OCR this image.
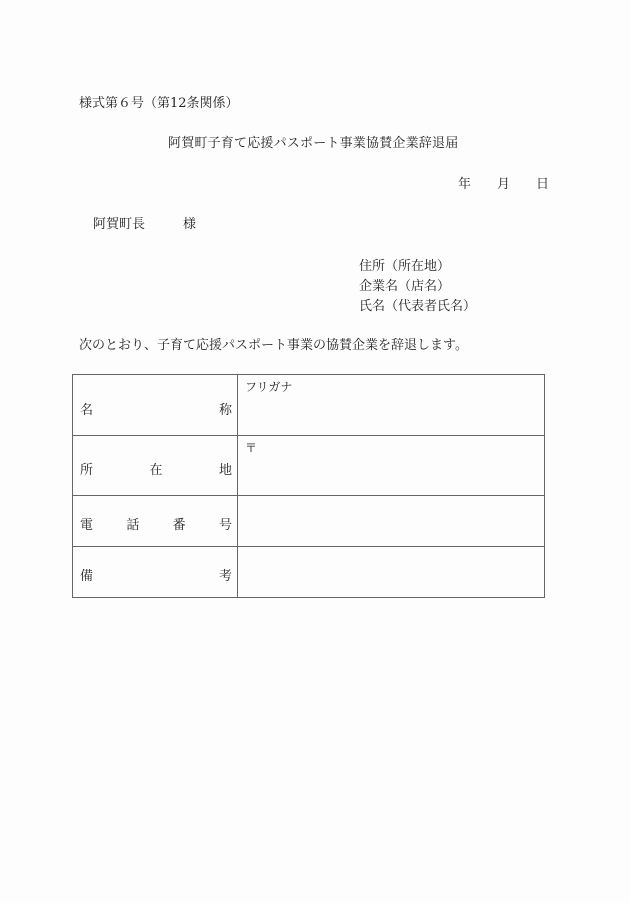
様式第６号（第12条関係）
阿賀町子育て応援パスポート事業協賛企業辞退届
年 月 日
阿賀町長	様
住所（所在地）
企業名（店名）
氏名（代表者氏名）
次のとおり、子育て応援パスポート事業の協賛企業を辞退します。
名 称	フリガナ

所 在 地	〒

電 話 番 号	

備 考	
